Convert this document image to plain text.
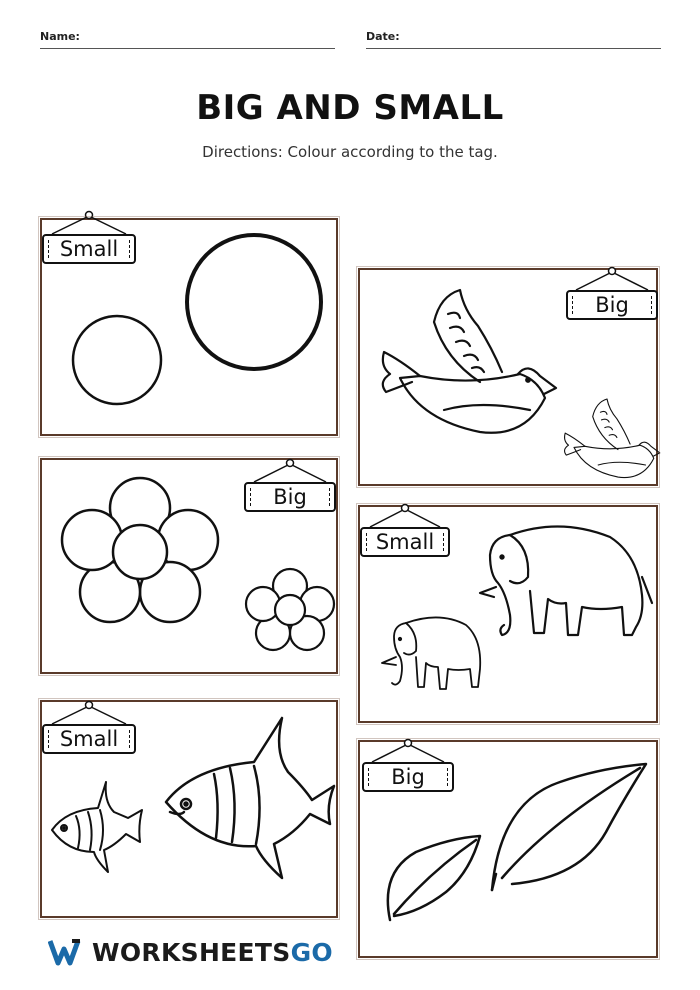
Name:	Date:
BIG AND SMALL
Directions: Colour according to the tag.
Small
Big
Big
Small
Small
Big
WORKSHEETSGO
